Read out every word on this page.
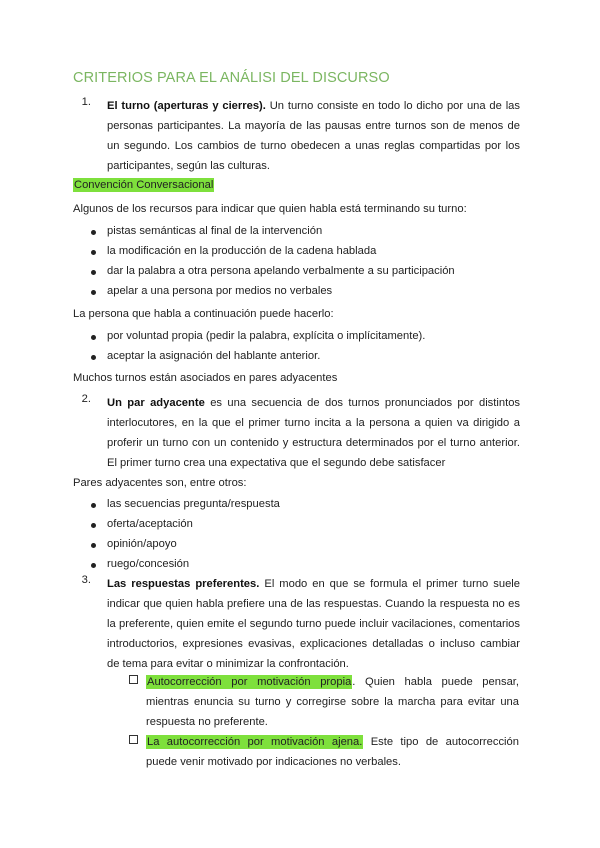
CRITERIOS PARA EL ANÁLISI DEL DISCURSO
1. El turno (aperturas y cierres). Un turno consiste en todo lo dicho por una de las personas participantes. La mayoría de las pausas entre turnos son de menos de un segundo. Los cambios de turno obedecen a unas reglas compartidas por los participantes, según las culturas.
Convención Conversacional
Algunos de los recursos para indicar que quien habla está terminando su turno:
pistas semánticas al final de la intervención
la modificación en la producción de la cadena hablada
dar la palabra a otra persona apelando verbalmente a su participación
apelar a una persona por medios no verbales
La persona que habla a continuación puede hacerlo:
por voluntad propia (pedir la palabra, explícita o implícitamente).
aceptar la asignación del hablante anterior.
Muchos turnos están asociados en pares adyacentes
2. Un par adyacente es una secuencia de dos turnos pronunciados por distintos interlocutores, en la que el primer turno incita a la persona a quien va dirigido a proferir un turno con un contenido y estructura determinados por el turno anterior. El primer turno crea una expectativa que el segundo debe satisfacer
Pares adyacentes son, entre otros:
las secuencias pregunta/respuesta
oferta/aceptación
opinión/apoyo
ruego/concesión
3. Las respuestas preferentes. El modo en que se formula el primer turno suele indicar que quien habla prefiere una de las respuestas. Cuando la respuesta no es la preferente, quien emite el segundo turno puede incluir vacilaciones, comentarios introductorios, expresiones evasivas, explicaciones detalladas o incluso cambiar de tema para evitar o minimizar la confrontación.
Autocorrección por motivación propia. Quien habla puede pensar, mientras enuncia su turno y corregirse sobre la marcha para evitar una respuesta no preferente.
La autocorrección por motivación ajena. Este tipo de autocorrección puede venir motivado por indicaciones no verbales.
